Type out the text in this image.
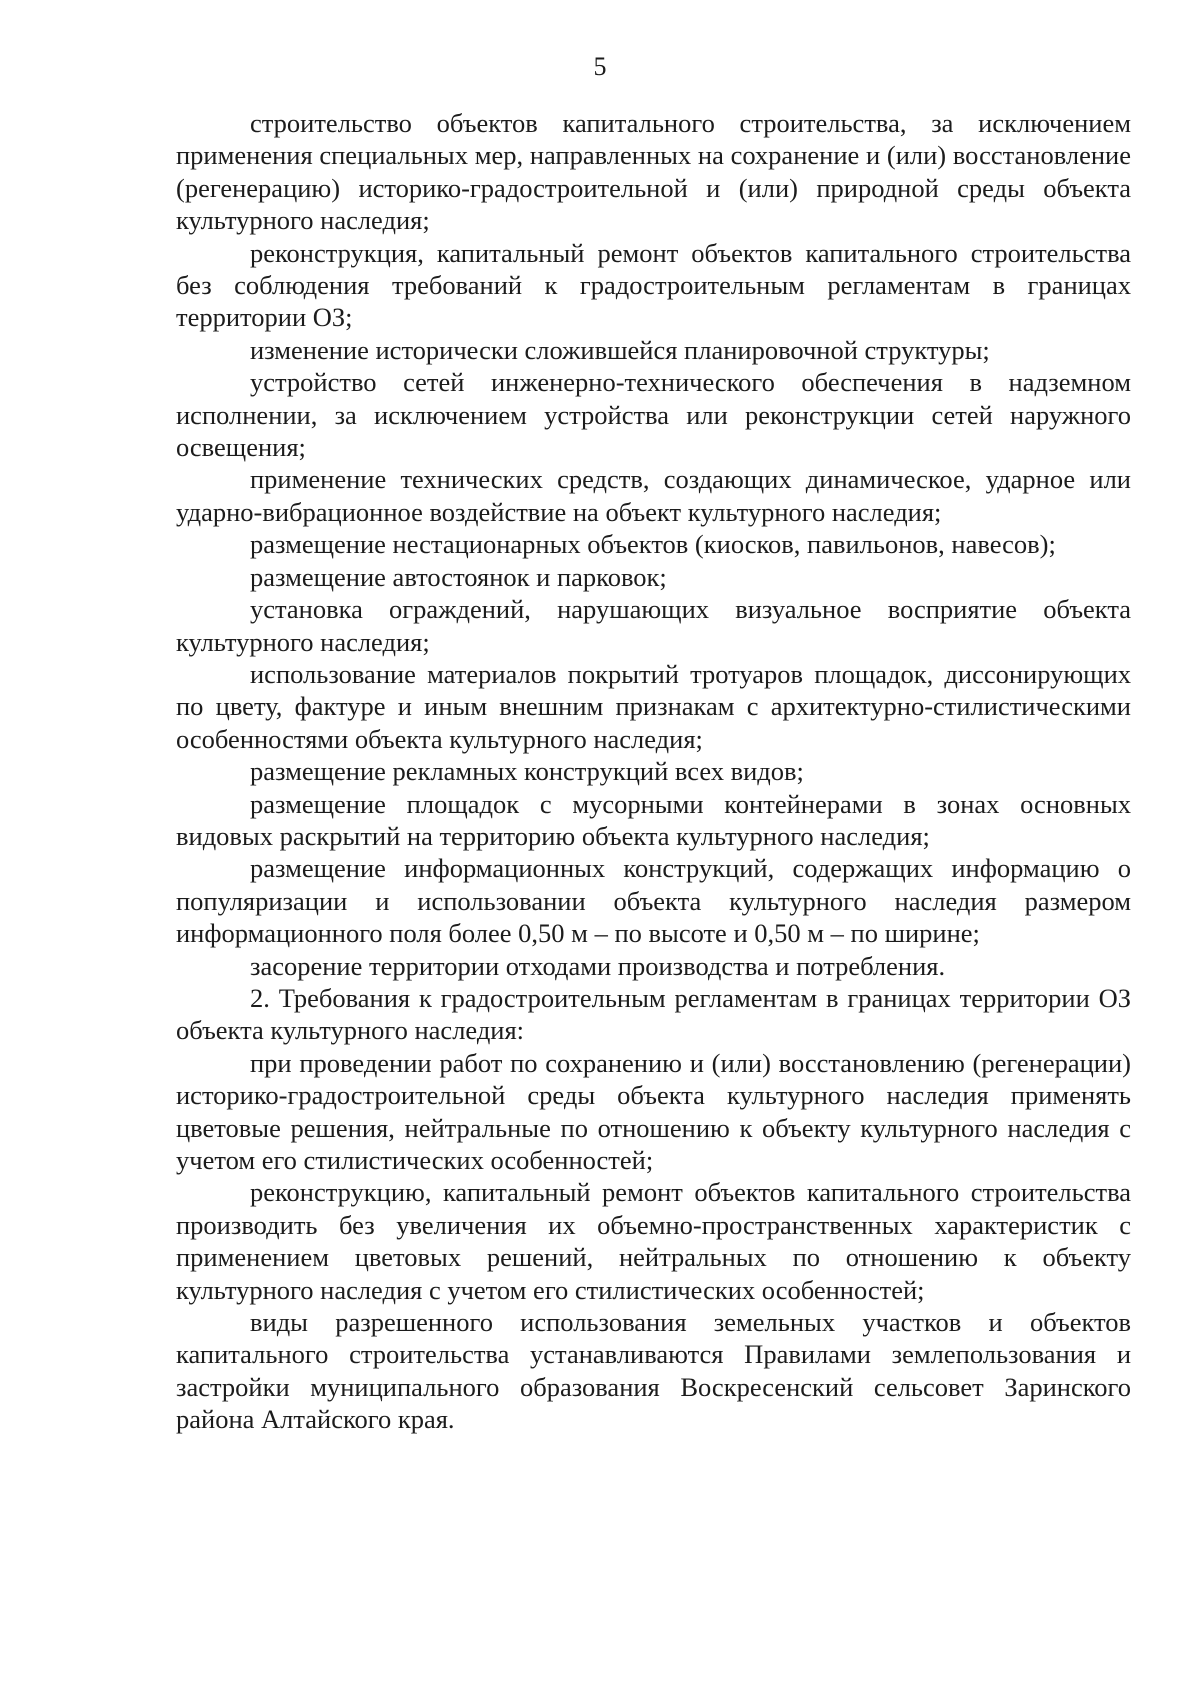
5

строительство объектов капитального строительства, за исключением применения специальных мер, направленных на сохранение и (или) восстановление (регенерацию) историко-градостроительной и (или) природной среды объекта культурного наследия;

реконструкция, капитальный ремонт объектов капитального строительства без соблюдения требований к градостроительным регламентам в границах территории ОЗ;

изменение исторически сложившейся планировочной структуры;

устройство сетей инженерно-технического обеспечения в надземном исполнении, за исключением устройства или реконструкции сетей наружного освещения;

применение технических средств, создающих динамическое, ударное или ударно-вибрационное воздействие на объект культурного наследия;

размещение нестационарных объектов (киосков, павильонов, навесов);

размещение автостоянок и парковок;

установка ограждений, нарушающих визуальное восприятие объекта культурного наследия;

использование материалов покрытий тротуаров площадок, диссонирующих по цвету, фактуре и иным внешним признакам с архитектурно-стилистическими особенностями объекта культурного наследия;

размещение рекламных конструкций всех видов;

размещение площадок с мусорными контейнерами в зонах основных видовых раскрытий на территорию объекта культурного наследия;

размещение информационных конструкций, содержащих информацию о популяризации и использовании объекта культурного наследия размером информационного поля более 0,50 м – по высоте и 0,50 м – по ширине;

засорение территории отходами производства и потребления.

2. Требования к градостроительным регламентам в границах территории ОЗ объекта культурного наследия:

при проведении работ по сохранению и (или) восстановлению (регенерации) историко-градостроительной среды объекта культурного наследия применять цветовые решения, нейтральные по отношению к объекту культурного наследия с учетом его стилистических особенностей;

реконструкцию, капитальный ремонт объектов капитального строительства производить без увеличения их объемно-пространственных характеристик с применением цветовых решений, нейтральных по отношению к объекту культурного наследия с учетом его стилистических особенностей;

виды разрешенного использования земельных участков и объектов капитального строительства устанавливаются Правилами землепользования и застройки муниципального образования Воскресенский сельсовет Заринского района Алтайского края.
